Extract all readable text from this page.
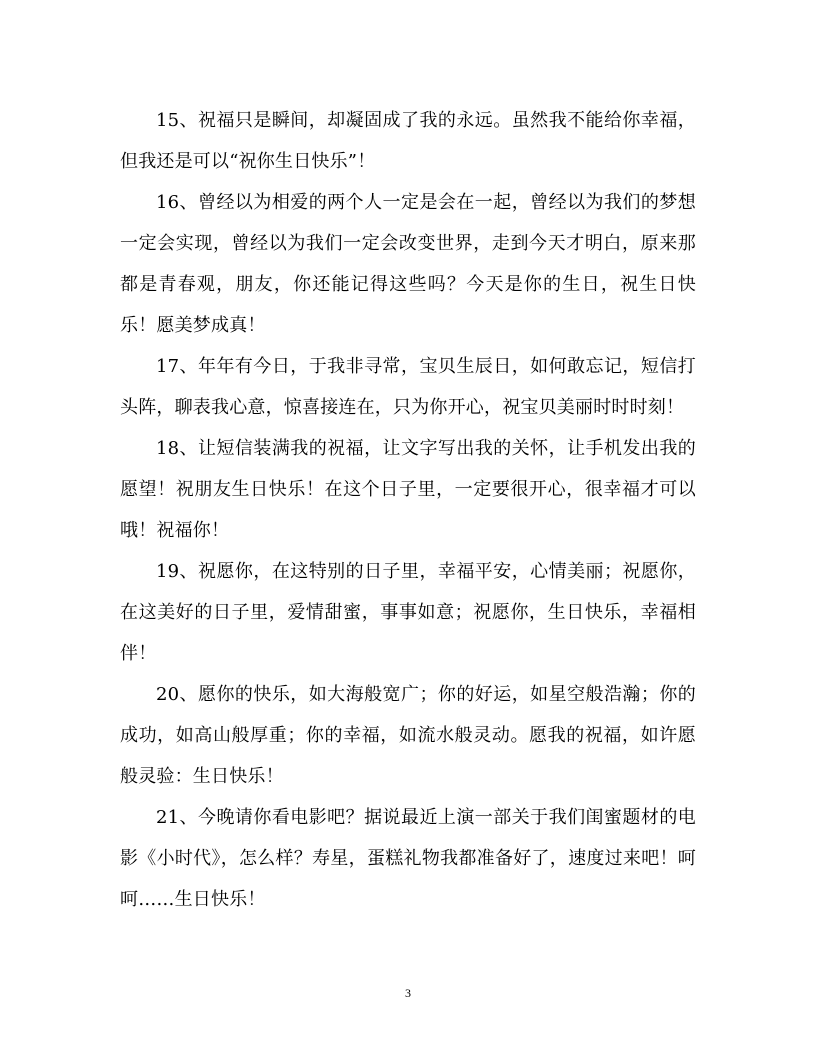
15、祝福只是瞬间，却凝固成了我的永远。虽然我不能给你幸福，但我还是可以“祝你生日快乐”！

16、曾经以为相爱的两个人一定是会在一起，曾经以为我们的梦想一定会实现，曾经以为我们一定会改变世界，走到今天才明白，原来那都是青春观，朋友，你还能记得这些吗？今天是你的生日，祝生日快乐！愿美梦成真！

17、年年有今日，于我非寻常，宝贝生辰日，如何敢忘记，短信打头阵，聊表我心意，惊喜接连在，只为你开心，祝宝贝美丽时时时刻！

18、让短信装满我的祝福，让文字写出我的关怀，让手机发出我的愿望！祝朋友生日快乐！在这个日子里，一定要很开心，很幸福才可以哦！祝福你！

19、祝愿你，在这特别的日子里，幸福平安，心情美丽；祝愿你，在这美好的日子里，爱情甜蜜，事事如意；祝愿你，生日快乐，幸福相伴！

20、愿你的快乐，如大海般宽广；你的好运，如星空般浩瀚；你的成功，如高山般厚重；你的幸福，如流水般灵动。愿我的祝福，如许愿般灵验：生日快乐！

21、今晚请你看电影吧？据说最近上演一部关于我们闺蜜题材的电影《小时代》，怎么样？寿星，蛋糕礼物我都准备好了，速度过来吧！呵呵……生日快乐！

3
